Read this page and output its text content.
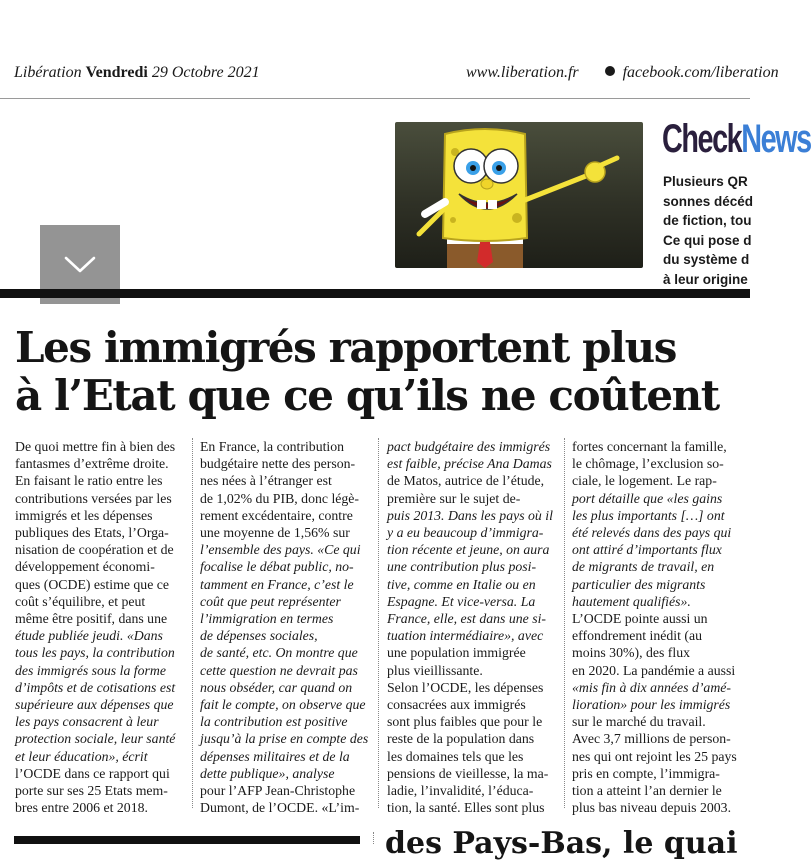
Libération Vendredi 29 Octobre 2021	www.liberation.fr	facebook.com/liberation
CheckNews
Plusieurs QR
sonnes décéd
de fiction, tou
Ce qui pose d
du système d
à leur origine
Les immigrés rapportent plus
à l’Etat que ce qu’ils ne coûtent
De quoi mettre fin à bien des
fantasmes d’extrême droite.
En faisant le ratio entre les
contributions versées par les
immigrés et les dépenses
publiques des Etats, l’Orga-
nisation de coopération et de
développement économi-
ques (OCDE) estime que ce
coût s’équilibre, et peut
même être positif, dans une
étude publiée jeudi. «Dans
tous les pays, la contribution
des immigrés sous la forme
d’impôts et de cotisations est
supérieure aux dépenses que
les pays consacrent à leur
protection sociale, leur santé
et leur éducation», écrit
l’OCDE dans ce rapport qui
porte sur ses 25 Etats mem-
bres entre 2006 et 2018.
En France, la contribution
budgétaire nette des person-
nes nées à l’étranger est
de 1,02% du PIB, donc légè-
rement excédentaire, contre
une moyenne de 1,56% sur
l’ensemble des pays. «Ce qui
focalise le débat public, no-
tamment en France, c’est le
coût que peut représenter
l’immigration en termes
de dépenses sociales,
de santé, etc. On montre que
cette question ne devrait pas
nous obséder, car quand on
fait le compte, on observe que
la contribution est positive
jusqu’à la prise en compte des
dépenses militaires et de la
dette publique», analyse
pour l’AFP Jean-Christophe
Dumont, de l’OCDE. «L’im-
pact budgétaire des immigrés
est faible, précise Ana Damas
de Matos, autrice de l’étude,
première sur le sujet de-
puis 2013. Dans les pays où il
y a eu beaucoup d’immigra-
tion récente et jeune, on aura
une contribution plus posi-
tive, comme en Italie ou en
Espagne. Et vice-versa. La
France, elle, est dans une si-
tuation intermédiaire», avec
une population immigrée
plus vieillissante.
Selon l’OCDE, les dépenses
consacrées aux immigrés
sont plus faibles que pour le
reste de la population dans
les domaines tels que les
pensions de vieillesse, la ma-
ladie, l’invalidité, l’éduca-
tion, la santé. Elles sont plus
fortes concernant la famille,
le chômage, l’exclusion so-
ciale, le logement. Le rap-
port détaille que «les gains
les plus importants […] ont
été relevés dans des pays qui
ont attiré d’importants flux
de migrants de travail, en
particulier des migrants
hautement qualifiés».
L’OCDE pointe aussi un
effondrement inédit (au
moins 30%), des flux
en 2020. La pandémie a aussi
«mis fin à dix années d’amé-
lioration» pour les immigrés
sur le marché du travail.
Avec 3,7 millions de person-
nes qui ont rejoint les 25 pays
pris en compte, l’immigra-
tion a atteint l’an dernier le
plus bas niveau depuis 2003.
des Pays-Bas, le quai
